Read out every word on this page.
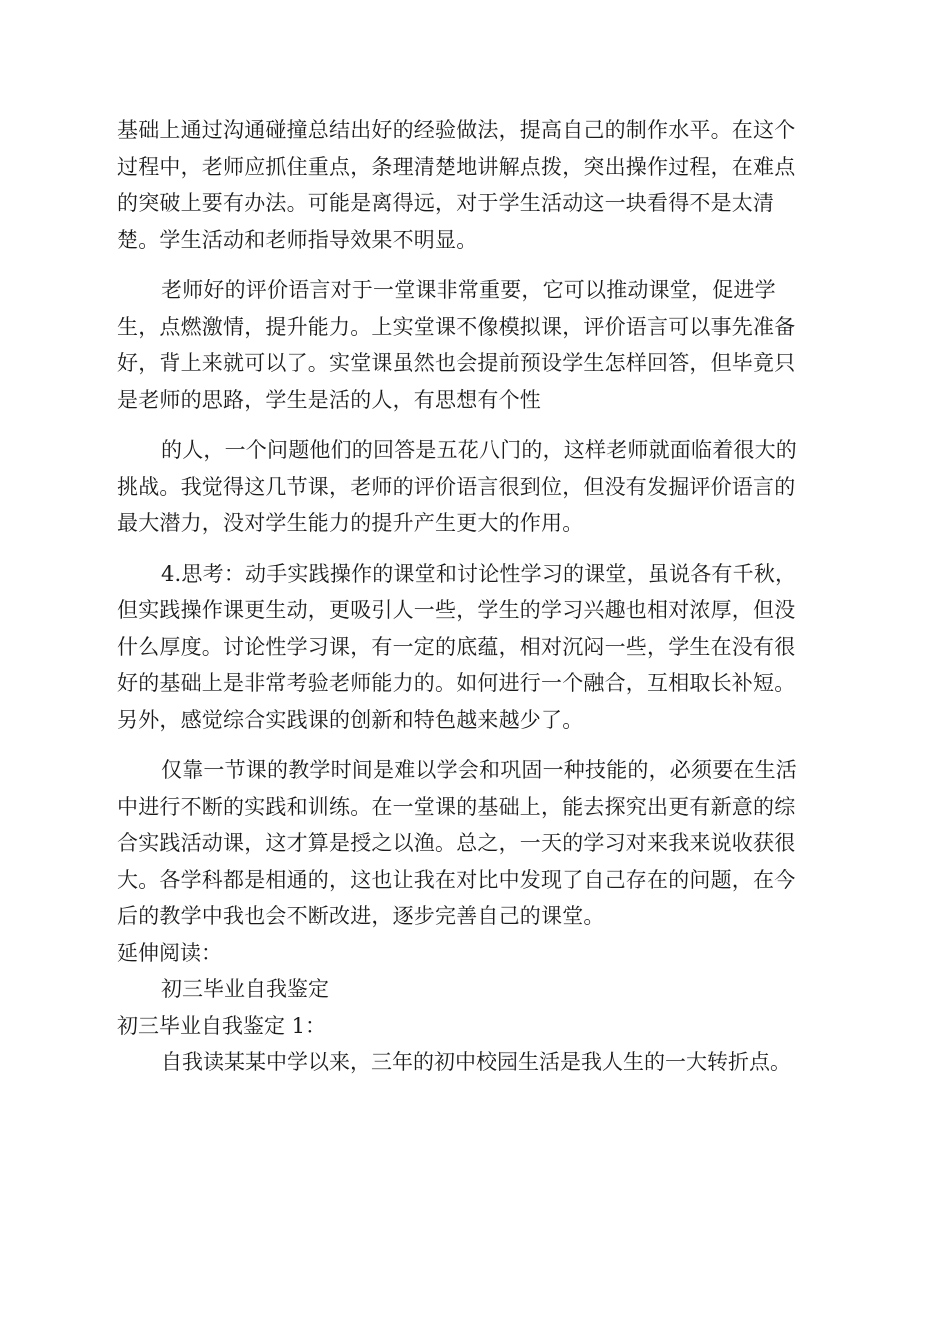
基础上通过沟通碰撞总结出好的经验做法，提高自己的制作水平。在这个
过程中，老师应抓住重点，条理清楚地讲解点拨，突出操作过程，在难点
的突破上要有办法。可能是离得远，对于学生活动这一块看得不是太清
楚。学生活动和老师指导效果不明显。
老师好的评价语言对于一堂课非常重要，它可以推动课堂，促进学
生，点燃激情，提升能力。上实堂课不像模拟课，评价语言可以事先准备
好，背上来就可以了。实堂课虽然也会提前预设学生怎样回答，但毕竟只
是老师的思路，学生是活的人，有思想有个性
的人，一个问题他们的回答是五花八门的，这样老师就面临着很大的
挑战。我觉得这几节课，老师的评价语言很到位，但没有发掘评价语言的
最大潜力，没对学生能力的提升产生更大的作用。
4.思考：动手实践操作的课堂和讨论性学习的课堂，虽说各有千秋，
但实践操作课更生动，更吸引人一些，学生的学习兴趣也相对浓厚，但没
什么厚度。讨论性学习课，有一定的底蕴，相对沉闷一些，学生在没有很
好的基础上是非常考验老师能力的。如何进行一个融合，互相取长补短。
另外，感觉综合实践课的创新和特色越来越少了。
仅靠一节课的教学时间是难以学会和巩固一种技能的，必须要在生活
中进行不断的实践和训练。在一堂课的基础上，能去探究出更有新意的综
合实践活动课，这才算是授之以渔。总之，一天的学习对来我来说收获很
大。各学科都是相通的，这也让我在对比中发现了自己存在的问题，在今
后的教学中我也会不断改进，逐步完善自己的课堂。

延伸阅读：

初三毕业自我鉴定

初三毕业自我鉴定 1：

自我读某某中学以来，三年的初中校园生活是我人生的一大转折点。
